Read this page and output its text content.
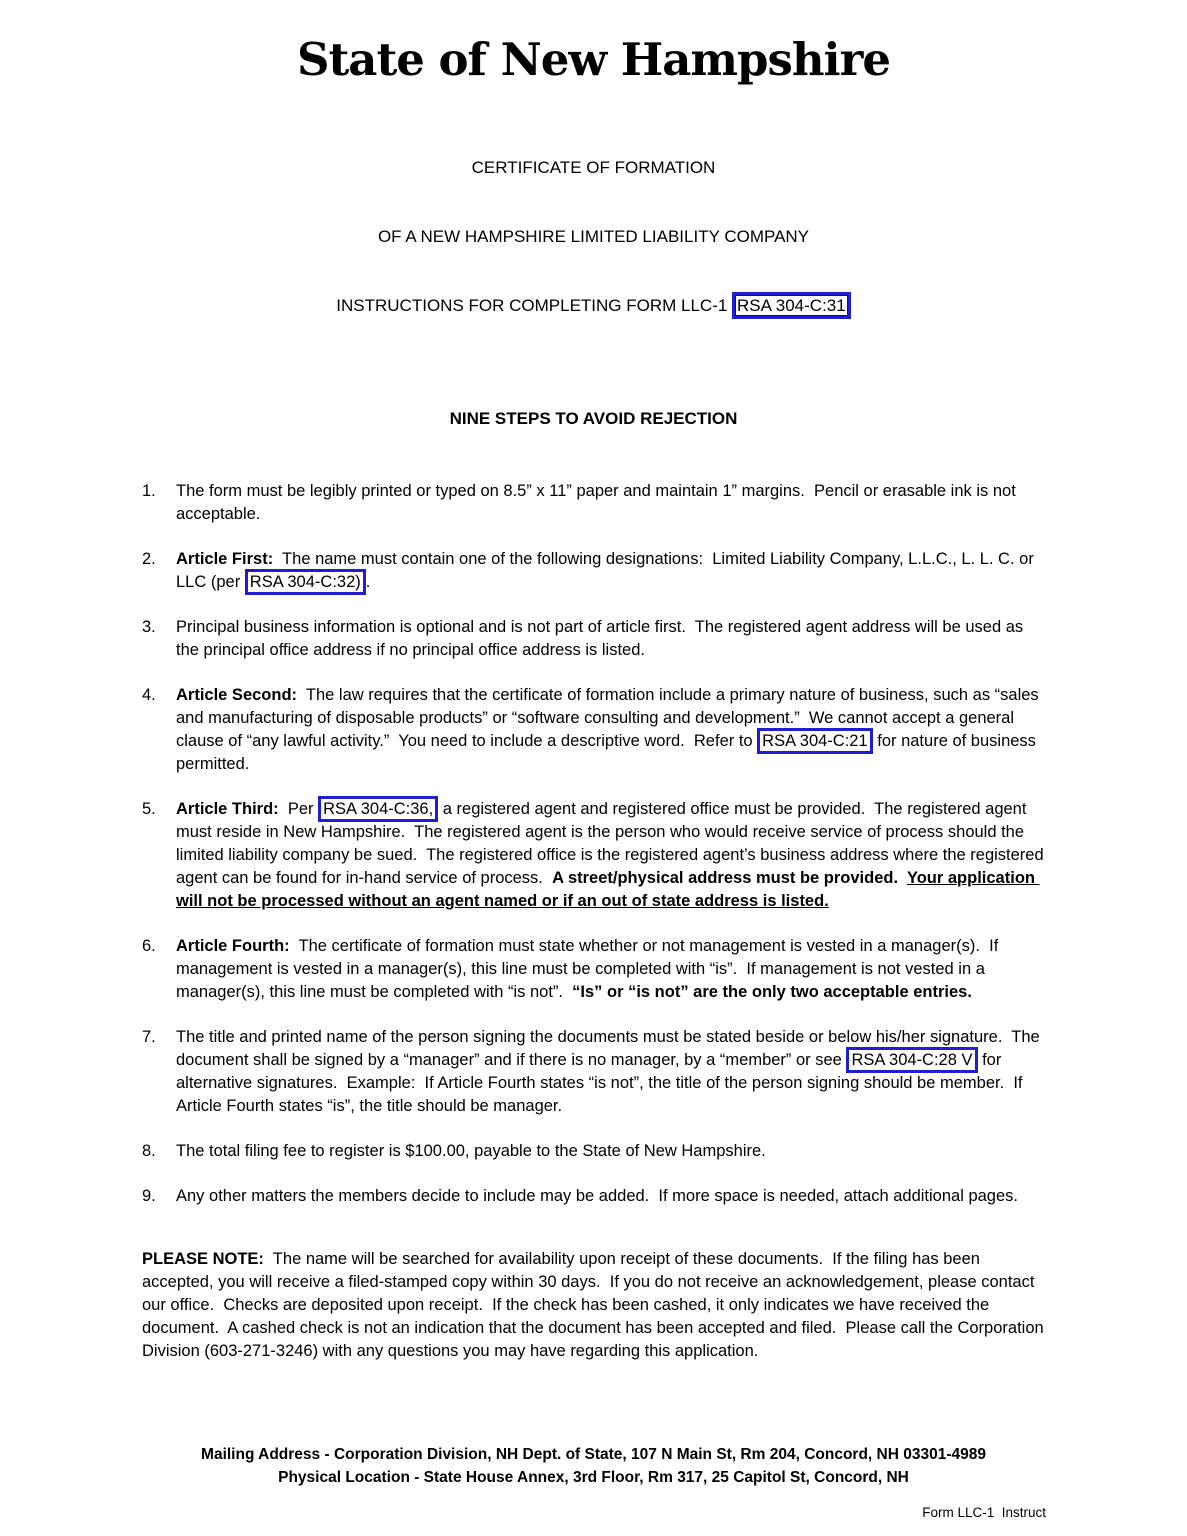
State of New Hampshire

CERTIFICATE OF FORMATION

OF A NEW HAMPSHIRE LIMITED LIABILITY COMPANY

INSTRUCTIONS FOR COMPLETING FORM LLC-1 RSA 304-C:31

NINE STEPS TO AVOID REJECTION
1.	The form must be legibly printed or typed on 8.5” x 11” paper and maintain 1” margins.  Pencil or erasable ink is not acceptable.
2.	Article First:  The name must contain one of the following designations:  Limited Liability Company, L.L.C., L. L. C. or LLC (per RSA 304-C:32) .
3.	Principal business information is optional and is not part of article first.  The registered agent address will be used as the principal office address if no principal office address is listed.
4.	Article Second:  The law requires that the certificate of formation include a primary nature of business, such as “sales and manufacturing of disposable products” or “software consulting and development.”  We cannot accept a general clause of “any lawful activity.”  You need to include a descriptive word.  Refer to RSA 304-C:21 for nature of business permitted.
5.	Article Third:  Per RSA 304-C:36, a registered agent and registered office must be provided.  The registered agent must reside in New Hampshire.  The registered agent is the person who would receive service of process should the limited liability company be sued.  The registered office is the registered agent’s business address where the registered agent can be found for in-hand service of process.  A street/physical address must be provided.  Your application will not be processed without an agent named or if an out of state address is listed.
6.	Article Fourth:  The certificate of formation must state whether or not management is vested in a manager(s).  If management is vested in a manager(s), this line must be completed with “is”.  If management is not vested in a manager(s), this line must be completed with “is not”.  “Is” or “is not” are the only two acceptable entries.
7.	The title and printed name of the person signing the documents must be stated beside or below his/her signature.  The document shall be signed by a “manager” and if there is no manager, by a “member” or see RSA 304-C:28 V for alternative signatures.  Example:  If Article Fourth states “is not”, the title of the person signing should be member.  If Article Fourth states “is”, the title should be manager.
8.	The total filing fee to register is $100.00, payable to the State of New Hampshire.
9.	Any other matters the members decide to include may be added.  If more space is needed, attach additional pages.
PLEASE NOTE:  The name will be searched for availability upon receipt of these documents.  If the filing has been accepted, you will receive a filed-stamped copy within 30 days.  If you do not receive an acknowledgement, please contact our office.  Checks are deposited upon receipt.  If the check has been cashed, it only indicates we have received the document.  A cashed check is not an indication that the document has been accepted and filed.  Please call the Corporation Division (603-271-3246) with any questions you may have regarding this application.
Mailing Address - Corporation Division, NH Dept. of State, 107 N Main St, Rm 204, Concord, NH 03301-4989
Physical Location - State House Annex, 3rd Floor, Rm 317, 25 Capitol St, Concord, NH
Form LLC-1  Instruct
